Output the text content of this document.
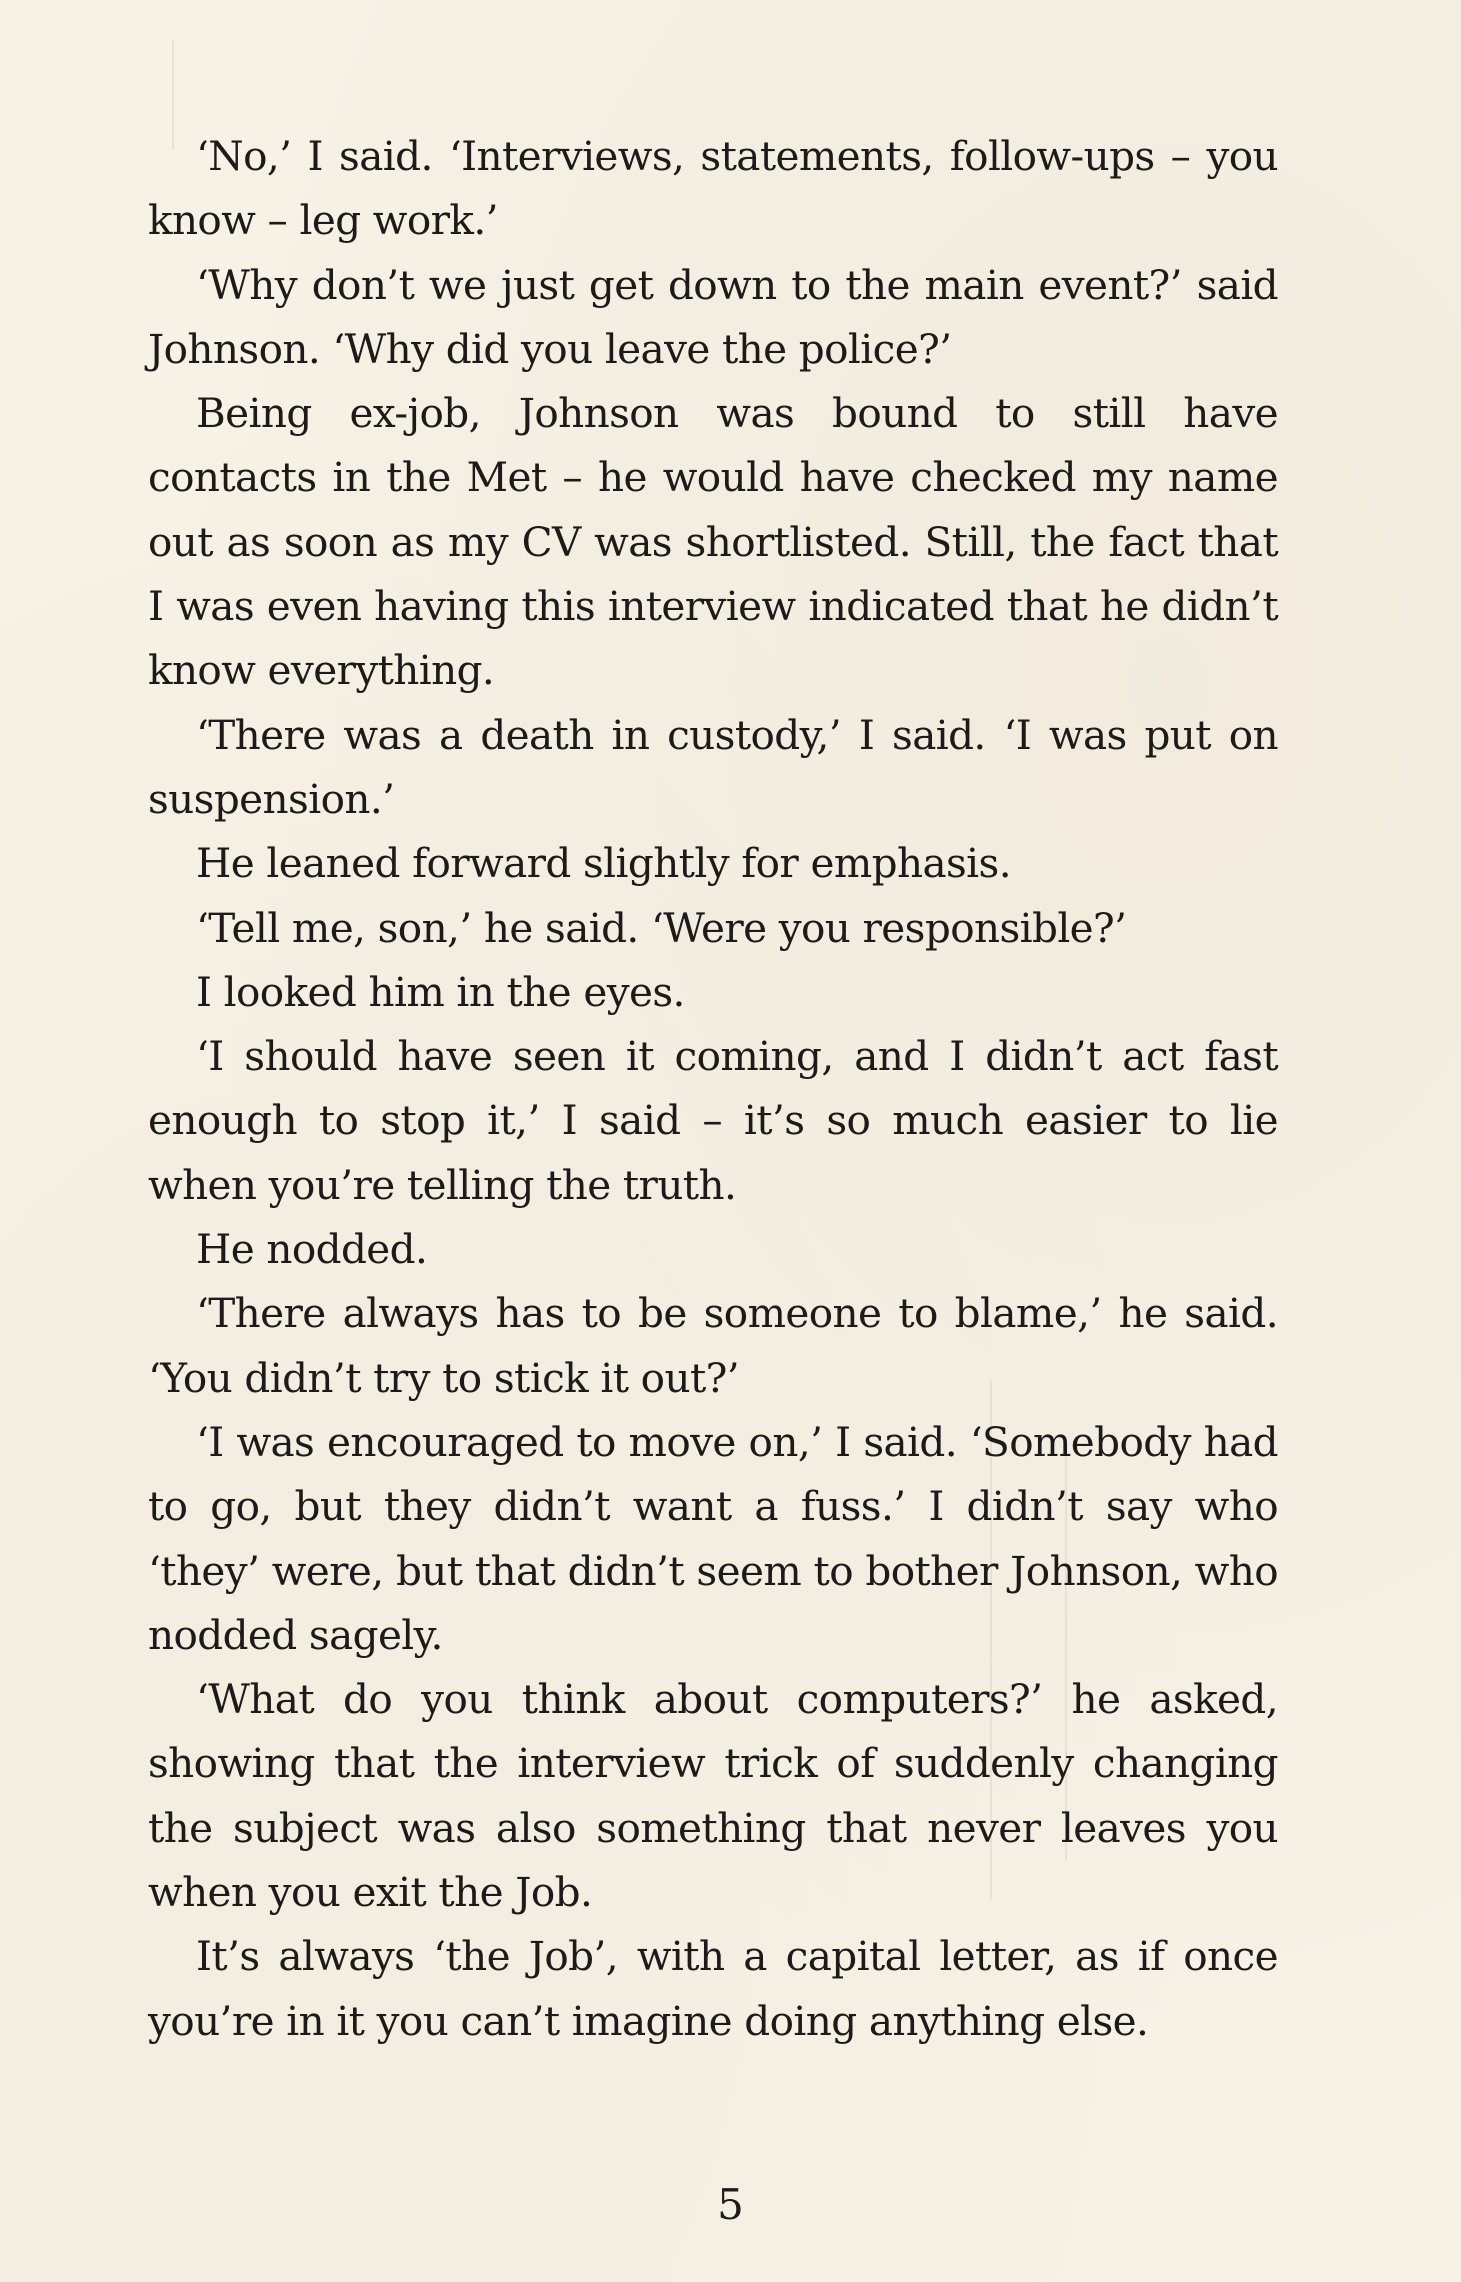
‘No,’ I said. ‘Interviews, statements, follow-ups – you know – leg work.’

‘Why don’t we just get down to the main event?’ said Johnson. ‘Why did you leave the police?’

Being ex-job, Johnson was bound to still have contacts in the Met – he would have checked my name out as soon as my CV was shortlisted. Still, the fact that I was even having this interview indicated that he didn’t know everything.

‘There was a death in custody,’ I said. ‘I was put on suspension.’

He leaned forward slightly for emphasis.

‘Tell me, son,’ he said. ‘Were you responsible?’

I looked him in the eyes.

‘I should have seen it coming, and I didn’t act fast enough to stop it,’ I said – it’s so much easier to lie when you’re telling the truth.

He nodded.

‘There always has to be someone to blame,’ he said. ‘You didn’t try to stick it out?’

‘I was encouraged to move on,’ I said. ‘Somebody had to go, but they didn’t want a fuss.’ I didn’t say who ‘they’ were, but that didn’t seem to bother Johnson, who nodded sagely.

‘What do you think about computers?’ he asked, showing that the interview trick of suddenly changing the subject was also something that never leaves you when you exit the Job.

It’s always ‘the Job’, with a capital letter, as if once you’re in it you can’t imagine doing anything else.

5
